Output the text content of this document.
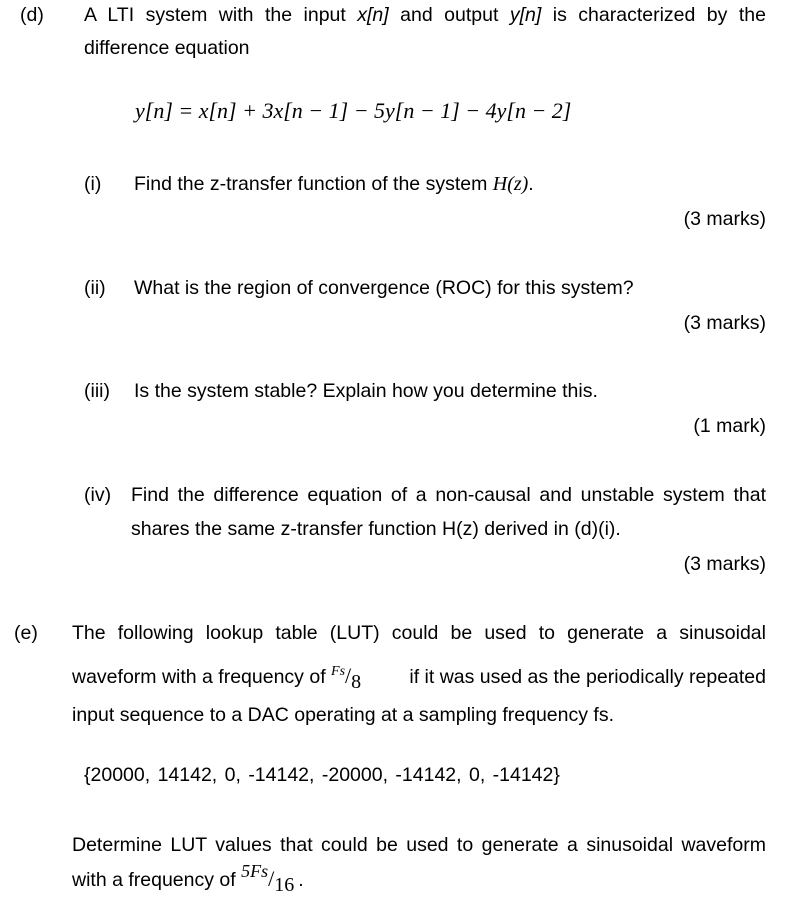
(d) A LTI system with the input x[n] and output y[n] is characterized by the
difference equation
y[n] = x[n] + 3x[n − 1] − 5y[n − 1] − 4y[n − 2]
(i) Find the z-transfer function of the system H(z).
(3 marks)
(ii) What is the region of convergence (ROC) for this system?
(3 marks)
(iii) Is the system stable? Explain how you determine this.
(1 mark)
(iv) Find the difference equation of a non-causal and unstable system that
shares the same z-transfer function H(z) derived in (d)(i).
(3 marks)
(e) The following lookup table (LUT) could be used to generate a sinusoidal
waveform with a frequency of $^{Fs}$/8 if it was used as the periodically repeated
input sequence to a DAC operating at a sampling frequency fs.
{20000, 14142, 0, -14142, -20000, -14142, 0, -14142}
Determine LUT values that could be used to generate a sinusoidal waveform
with a frequency of 5Fs/16 .
